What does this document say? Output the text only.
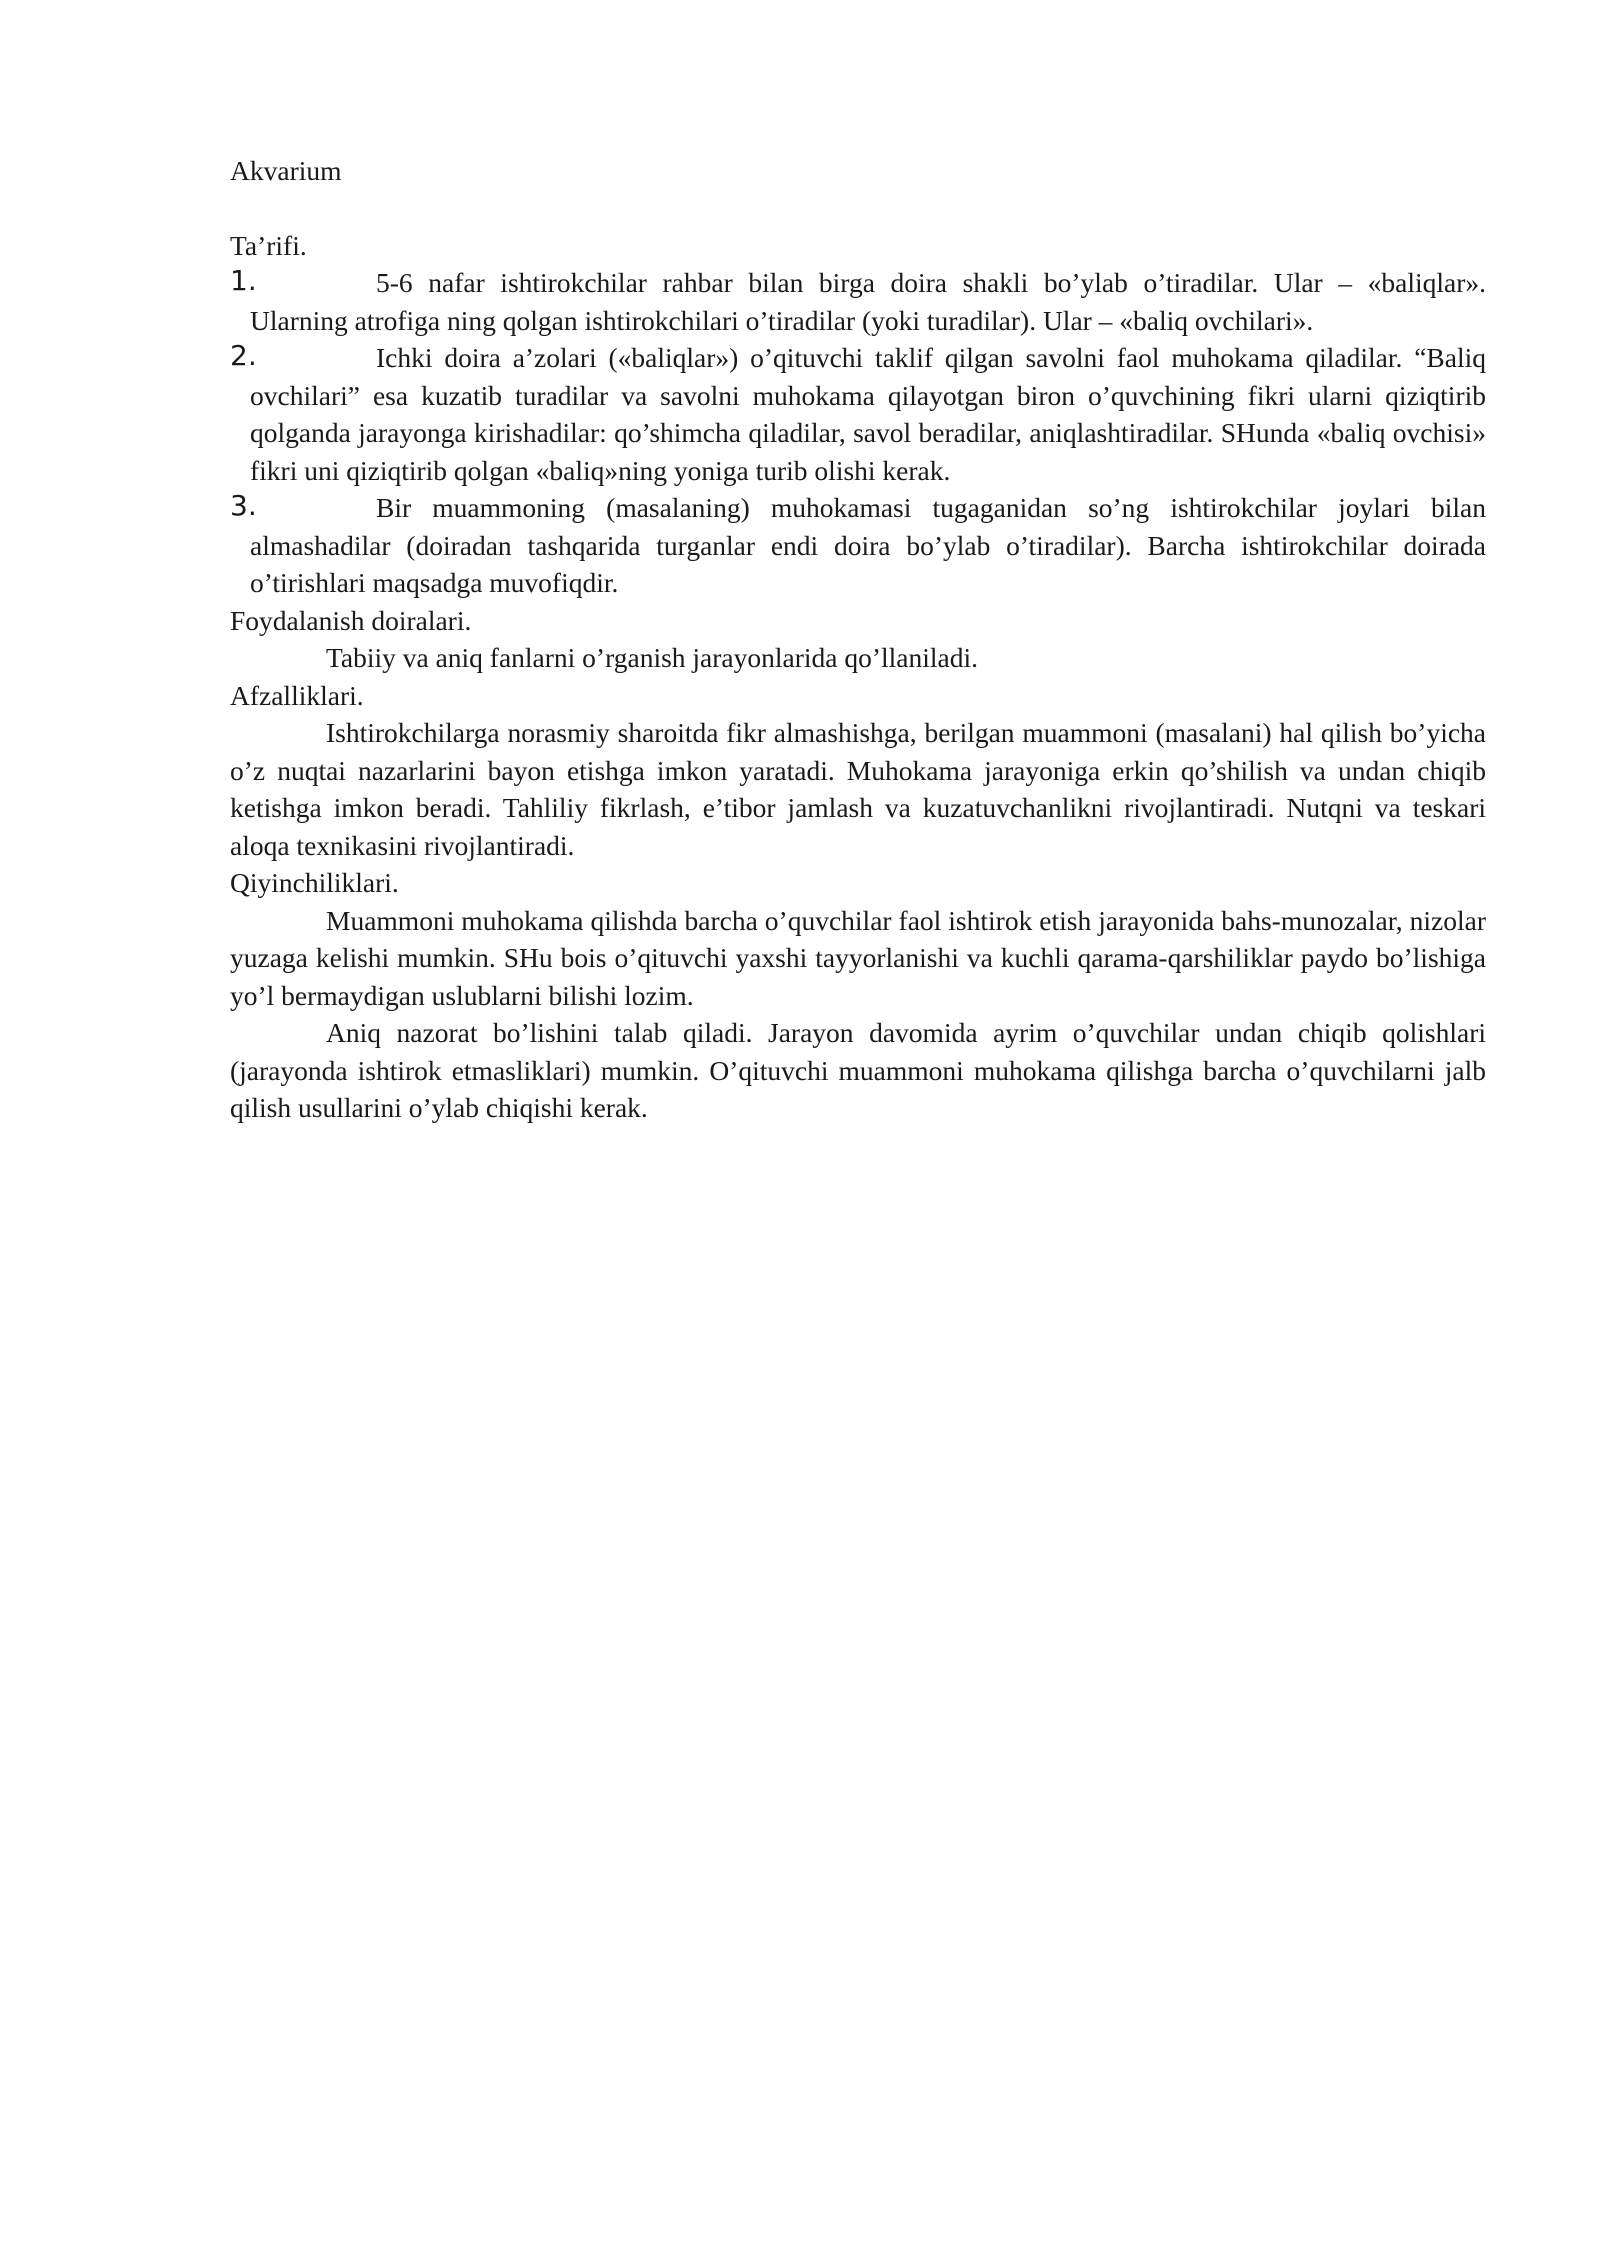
Akvarium

Ta’rifi.

1.	5-6 nafar ishtirokchilar rahbar bilan birga doira shakli bo’ylab o’tiradilar. Ular – «baliqlar». Ularning atrofiga ning qolgan ishtirokchilari o’tiradilar (yoki turadilar). Ular – «baliq ovchilari».
2.	Ichki doira a’zolari («baliqlar») o’qituvchi taklif qilgan savolni faol muhokama qiladilar. “Baliq ovchilari” esa kuzatib turadilar va savolni muhokama qilayotgan biron o’quvchining fikri ularni qiziqtirib qolganda jarayonga kirishadilar: qo’shimcha qiladilar, savol beradilar, aniqlashtiradilar. SHunda «baliq ovchisi» fikri uni qiziqtirib qolgan «baliq»ning yoniga turib olishi kerak.
3.	Bir muammoning (masalaning) muhokamasi tugaganidan so’ng ishtirokchilar joylari bilan almashadilar (doiradan tashqarida turganlar endi doira bo’ylab o’tiradilar). Barcha ishtirokchilar doirada o’tirishlari maqsadga muvofiqdir.

Foydalanish doiralari.

Tabiiy va aniq fanlarni o’rganish jarayonlarida qo’llaniladi.

Afzalliklari.

Ishtirokchilarga norasmiy sharoitda fikr almashishga, berilgan muammoni (masalani) hal qilish bo’yicha o’z nuqtai nazarlarini bayon etishga imkon yaratadi. Muhokama jarayoniga erkin qo’shilish va undan chiqib ketishga imkon beradi. Tahliliy fikrlash, e’tibor jamlash va kuzatuvchanlikni rivojlantiradi. Nutqni va teskari aloqa texnikasini rivojlantiradi.

Qiyinchiliklari.

Muammoni muhokama qilishda barcha o’quvchilar faol ishtirok etish jarayonida bahs-munozalar, nizolar yuzaga kelishi mumkin. SHu bois o’qituvchi yaxshi tayyorlanishi va kuchli qarama-qarshiliklar paydo bo’lishiga yo’l bermaydigan uslublarni bilishi lozim.

Aniq nazorat bo’lishini talab qiladi. Jarayon davomida ayrim o’quvchilar undan chiqib qolishlari (jarayonda ishtirok etmasliklari) mumkin. O’qituvchi muammoni muhokama qilishga barcha o’quvchilarni jalb qilish usullarini o’ylab chiqishi kerak.
